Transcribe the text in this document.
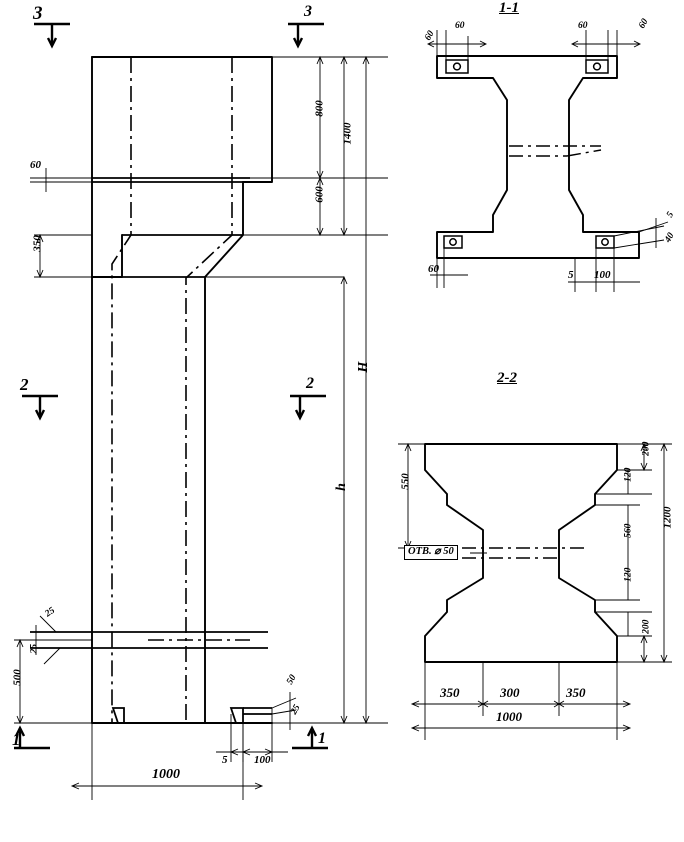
1-1
2-2
3	3
2	2
1	1
60
350
800
600
1400
H
h
25
25
500
1000
5 100
50
25
60
60	60	60
60
5
40
5 100
550
200
120
560
120
200
1200
350	300	350
1000
ОТВ. ⌀ 50
